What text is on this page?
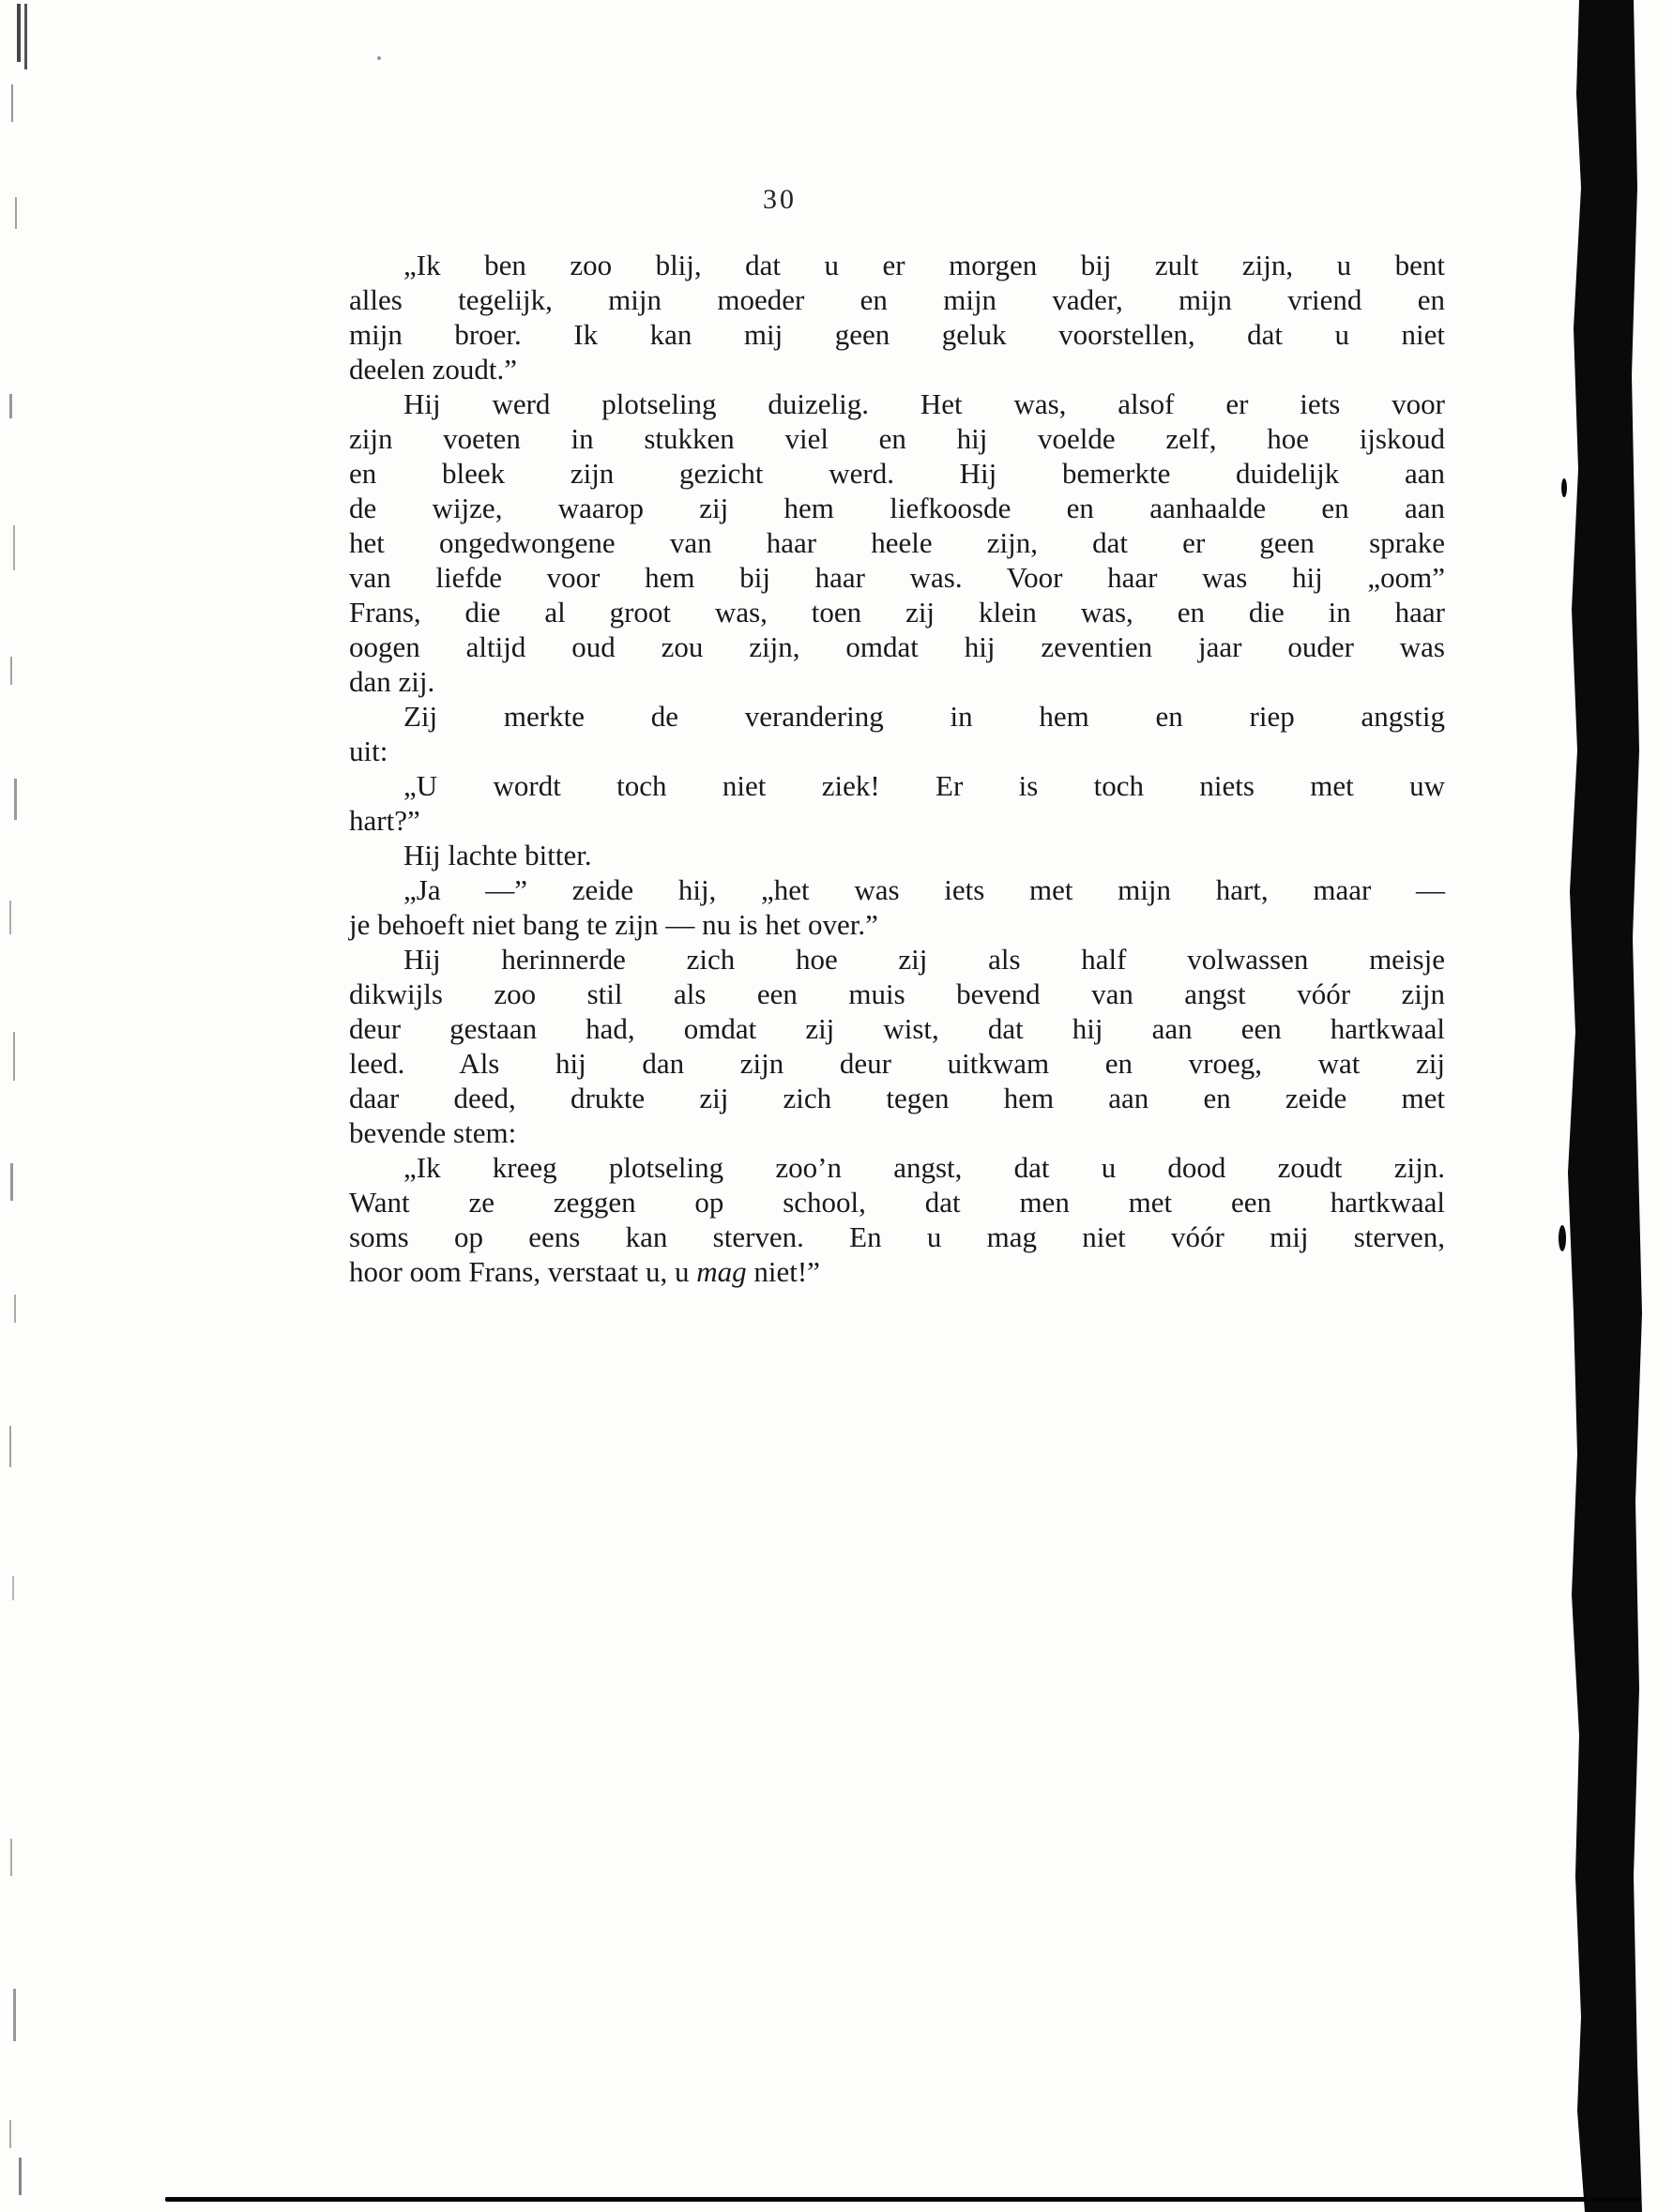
30
„Ik ben zoo blij, dat u er morgen bij zult zijn, u bent
alles tegelijk, mijn moeder en mijn vader, mijn vriend en
mijn broer. Ik kan mij geen geluk voorstellen, dat u niet
deelen zoudt.”
Hij werd plotseling duizelig. Het was, alsof er iets voor
zijn voeten in stukken viel en hij voelde zelf, hoe ijskoud
en bleek zijn gezicht werd. Hij bemerkte duidelijk aan
de wijze, waarop zij hem liefkoosde en aanhaalde en aan
het ongedwongene van haar heele zijn, dat er geen sprake
van liefde voor hem bij haar was. Voor haar was hij „oom”
Frans, die al groot was, toen zij klein was, en die in haar
oogen altijd oud zou zijn, omdat hij zeventien jaar ouder was
dan zij.
Zij merkte de verandering in hem en riep angstig
uit:
„U wordt toch niet ziek! Er is toch niets met uw
hart?”
Hij lachte bitter.
„Ja —” zeide hij, „het was iets met mijn hart, maar —
je behoeft niet bang te zijn — nu is het over.”
Hij herinnerde zich hoe zij als half volwassen meisje
dikwijls zoo stil als een muis bevend van angst vóór zijn
deur gestaan had, omdat zij wist, dat hij aan een hartkwaal
leed. Als hij dan zijn deur uitkwam en vroeg, wat zij
daar deed, drukte zij zich tegen hem aan en zeide met
bevende stem:
„Ik kreeg plotseling zoo’n angst, dat u dood zoudt zijn.
Want ze zeggen op school, dat men met een hartkwaal
soms op eens kan sterven. En u mag niet vóór mij sterven,
hoor oom Frans, verstaat u, u mag niet!”
